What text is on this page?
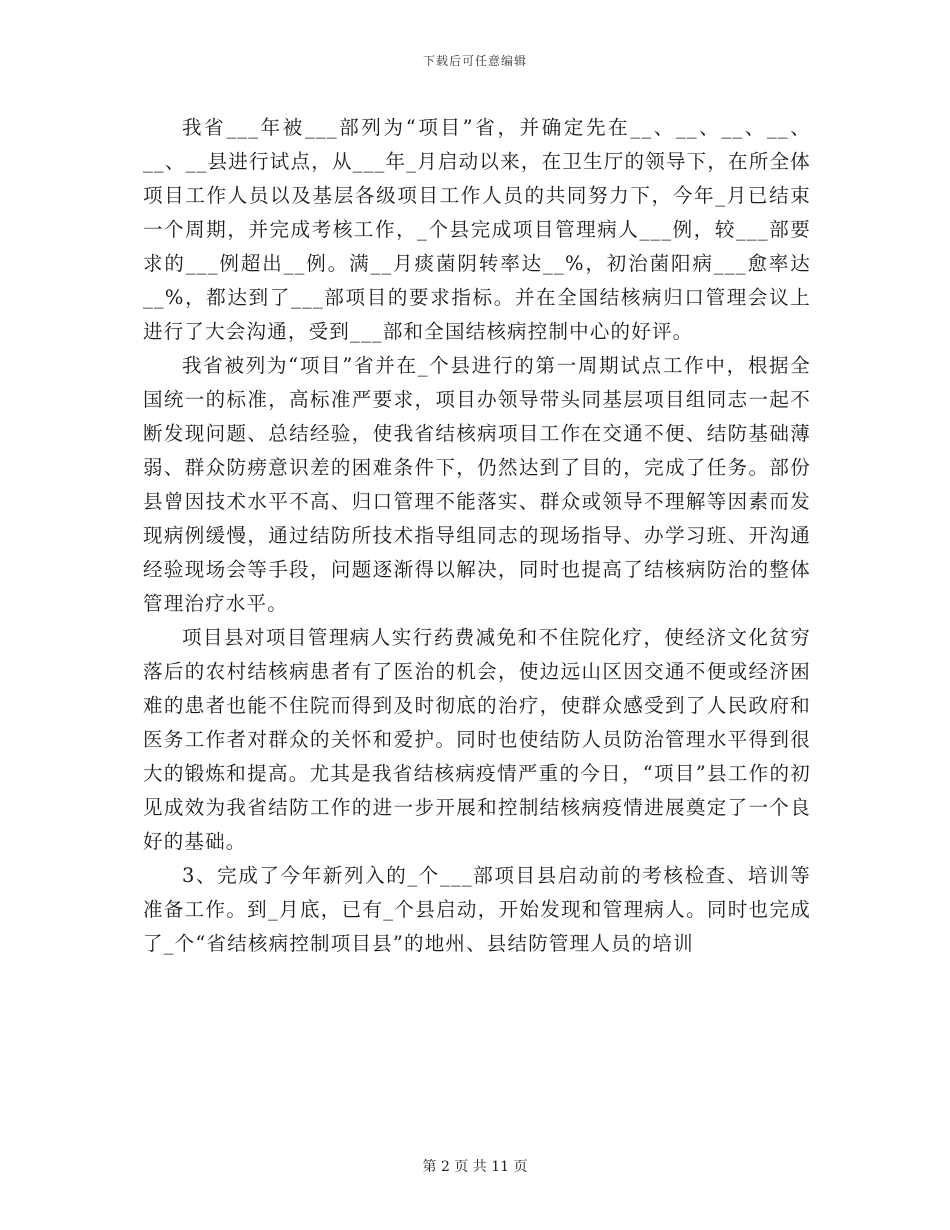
下载后可任意编辑

我省___年被___部列为“项目”省，并确定先在__、__、__、__、__、__县进行试点，从___年_月启动以来，在卫生厅的领导下，在所全体项目工作人员以及基层各级项目工作人员的共同努力下，今年_月已结束一个周期，并完成考核工作，_个县完成项目管理病人___例，较___部要求的___例超出__例。满__月痰菌阴转率达__%，初治菌阳病___愈率达__%，都达到了___部项目的要求指标。并在全国结核病归口管理会议上进行了大会沟通，受到___部和全国结核病控制中心的好评。

我省被列为“项目”省并在_个县进行的第一周期试点工作中，根据全国统一的标准，高标准严要求，项目办领导带头同基层项目组同志一起不断发现问题、总结经验，使我省结核病项目工作在交通不便、结防基础薄弱、群众防痨意识差的困难条件下，仍然达到了目的，完成了任务。部份县曾因技术水平不高、归口管理不能落实、群众或领导不理解等因素而发现病例缓慢，通过结防所技术指导组同志的现场指导、办学习班、开沟通经验现场会等手段，问题逐渐得以解决，同时也提高了结核病防治的整体管理治疗水平。

项目县对项目管理病人实行药费减免和不住院化疗，使经济文化贫穷落后的农村结核病患者有了医治的机会，使边远山区因交通不便或经济困难的患者也能不住院而得到及时彻底的治疗，使群众感受到了人民政府和医务工作者对群众的关怀和爱护。同时也使结防人员防治管理水平得到很大的锻炼和提高。尤其是我省结核病疫情严重的今日，“项目”县工作的初见成效为我省结防工作的进一步开展和控制结核病疫情进展奠定了一个良好的基础。

3、完成了今年新列入的_个___部项目县启动前的考核检查、培训等准备工作。到_月底，已有_个县启动，开始发现和管理病人。同时也完成了_个“省结核病控制项目县”的地州、县结防管理人员的培训

第 2 页 共 11 页
